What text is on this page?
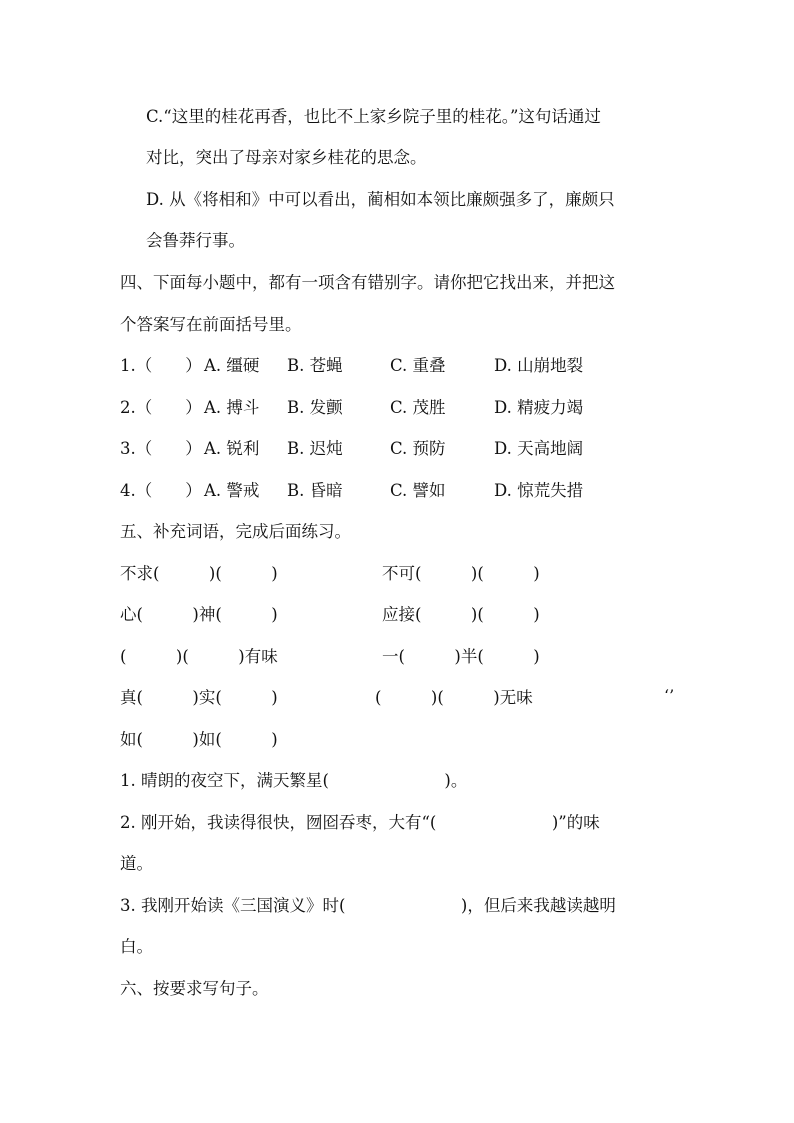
C.“这里的桂花再香，也比不上家乡院子里的桂花。”这句话通过
对比，突出了母亲对家乡桂花的思念。
D. 从《将相和》中可以看出，蔺相如本领比廉颇强多了，廉颇只
会鲁莽行事。
四、下面每小题中，都有一项含有错别字。请你把它找出来，并把这
个答案写在前面括号里。
1.（　　） A. 缰硬 B. 苍蝇	C. 重叠	D. 山崩地裂
2.（　　） A. 搏斗 B. 发颤	C. 茂胜	D. 精疲力竭
3.（　　） A. 锐利 B. 迟炖	C. 预防	D. 天高地阔
4.（　　） A. 警戒 B. 昏暗	C. 譬如	D. 惊荒失措
五、补充词语，完成后面练习。
不求(　　　)(　　　)	不可(　　　)(　　　)
心(　　　)神(　　　)	应接(　　　)(　　　)
(　　　)(　　　)有味	一(　　　)半(　　　)
真(　　　)实(　　　)	(　　　)(　　　)无味
如(　　　)如(　　　)
‘’
1. 晴朗的夜空下，满天繁星(　　　　　　　)。
2. 刚开始，我读得很快，囫囵吞枣，大有“(　　　　　　　)”的味
道。
3. 我刚开始读《三国演义》时(　　　　　　　)，但后来我越读越明
白。
六、按要求写句子。
